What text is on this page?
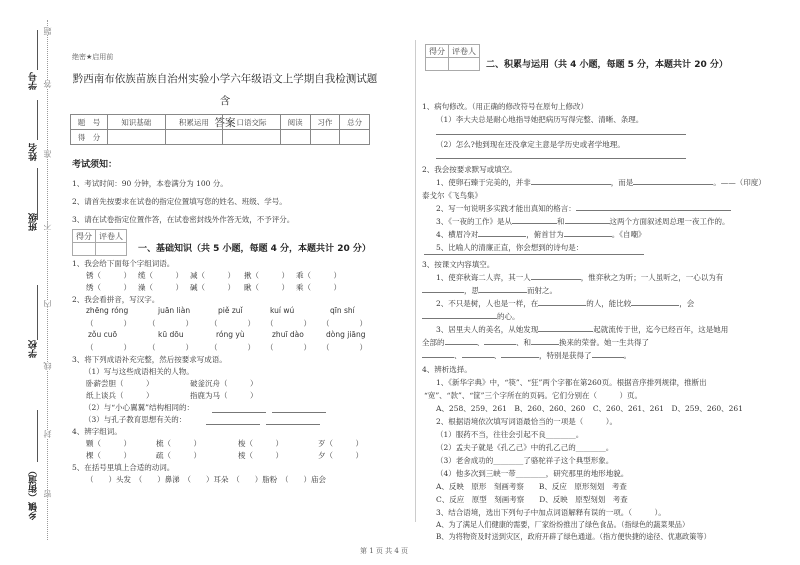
学号
姓名
班级
学校
乡镇（街道）
题
答
准
不
内
线
封
密
绝密★启用前
黔西南布依族苗族自治州实验小学六年级语文上学期自我检测试题 含
答案
题　号	知识基础	积累运用	口语交际	阅读	习作	总分
得　分						
考试须知：
1、考试时间：90 分钟，本卷满分为 100 分。
2、请首先按要求在试卷的指定位置填写您的姓名、班级、学号。
3、请在试卷指定位置作答，在试卷密封线外作答无效，不予评分。
得分	评卷人

一、基础知识（共 5 小题，每题 4 分，本题共计 20 分）
1、我会给下面每个字组词语。
锈（　　　） 缆（　　　） 减（　　　） 揪（　　　） 乖（　　　）
绣（　　　） 澡（　　　） 碱（　　　） 瞅（　　　） 乘（　　　）
2、我会看拼音，写汉字。
zhēng róng	juān liàn	piě zuǐ	kuí wú	qīn shí
（　　　　） （　　　　） （　　　　） （　　　　） （　　　　）
zǒu cuō	kū dōu	róng yù	zhuī dào	dòng jiāng
（　　　　） （　　　　） （　　　　） （　　　　） （　　　　）
3、将下列成语补充完整，然后按要求写成语。
（1）写与这些成语相关的人物。
卧薪尝胆（　　　）	破釜沉舟（　　　）
纸上谈兵（　　　）	指鹿为马（　　　）
（2）与“小心翼翼”结构相同的：
（3）与孔子教育思想有关的：
4、辨字组词。
颗（　　　）	梳（　　　）	梭（　　　）	歹（　　　）
棵（　　　）	疏（　　　）	棱（　　　）	夕（　　　）
5、在括号里填上合适的动词。
（　　）头发　（　　）鼻涕　（　　）耳朵　（　　）脂粉　（　　）庙会
得分	评卷人

二、积累与运用（共 4 小题，每题 5 分，本题共计 20 分）
1、病句修改。（用正确的修改符号在原句上修改）
（1）李大夫总是耐心地指导她把病历写得完整、清晰、条理。
（2）怎么?他到现在还没拿定主意是学历史或者学地理。
2、我会按要求默写或填空。
1、使卵石臻于完美的，并非	，而是	。——（印度）
泰戈尔《飞鸟集》
2、写一句说明多实践才能出真知的格言：
3、《一夜的工作》是从	和	这两个方面叙述周总理一夜工作的。
4、横眉冷对	，俯首甘为	。《自嘲》
5、比喻人的清廉正直，你会想到的诗句是：
3、按课文内容填空。
1、使弈秋诲二人弈，其一人	，惟弈秋之为听；一人虽听之，一心以为有
，思	而射之。
2、不只是树，人也是一样，在	的人，能比较	，会
的心。
3、居里夫人的美名，从她发现	起就流传于世，迄今已经百年，这是她用
全部的	、	、和	换来的荣誉。她一生共得了
、	、	，特别是获得了	。
4、辨析选择。
1、《新华字典》中，“筷”、“狂”两个字都在第260页。根据音序排列规律，推断出
“宽”、“款”、“筐”三个字所在的页码。它们分别在（　　　）页。
A、258、259、261　B、260、260、260　C、260、261、261　D、259、260、261
2、根据语境依次填写词语最恰当的一项是（　　　）。
（1）服药不当，往往会引起不良________。
（2）孟夫子就是《孔乙己》中的孔乙己的________。
（3）老舍成功的________了骆驼祥子这个典型形象。
（4）他多次到三峡一带________，研究那里的地形地貌。
A、反映　原形　刻画考察　　B、反应　原形刻划　考查
C、反应　原型　刻画考察　　D、反映　原型刻划　考查
3、结合语境，选出下列句子中加点词语解释有误的一项。（　　　）。
A、为了满足人们健康的需要，厂家纷纷推出了绿色食品。（指绿色的蔬菜果品）
B、为将物资及时送到灾区，政府开辟了绿色通道。（指方便快捷的途径、优惠政策等）
第 1 页 共 4 页
